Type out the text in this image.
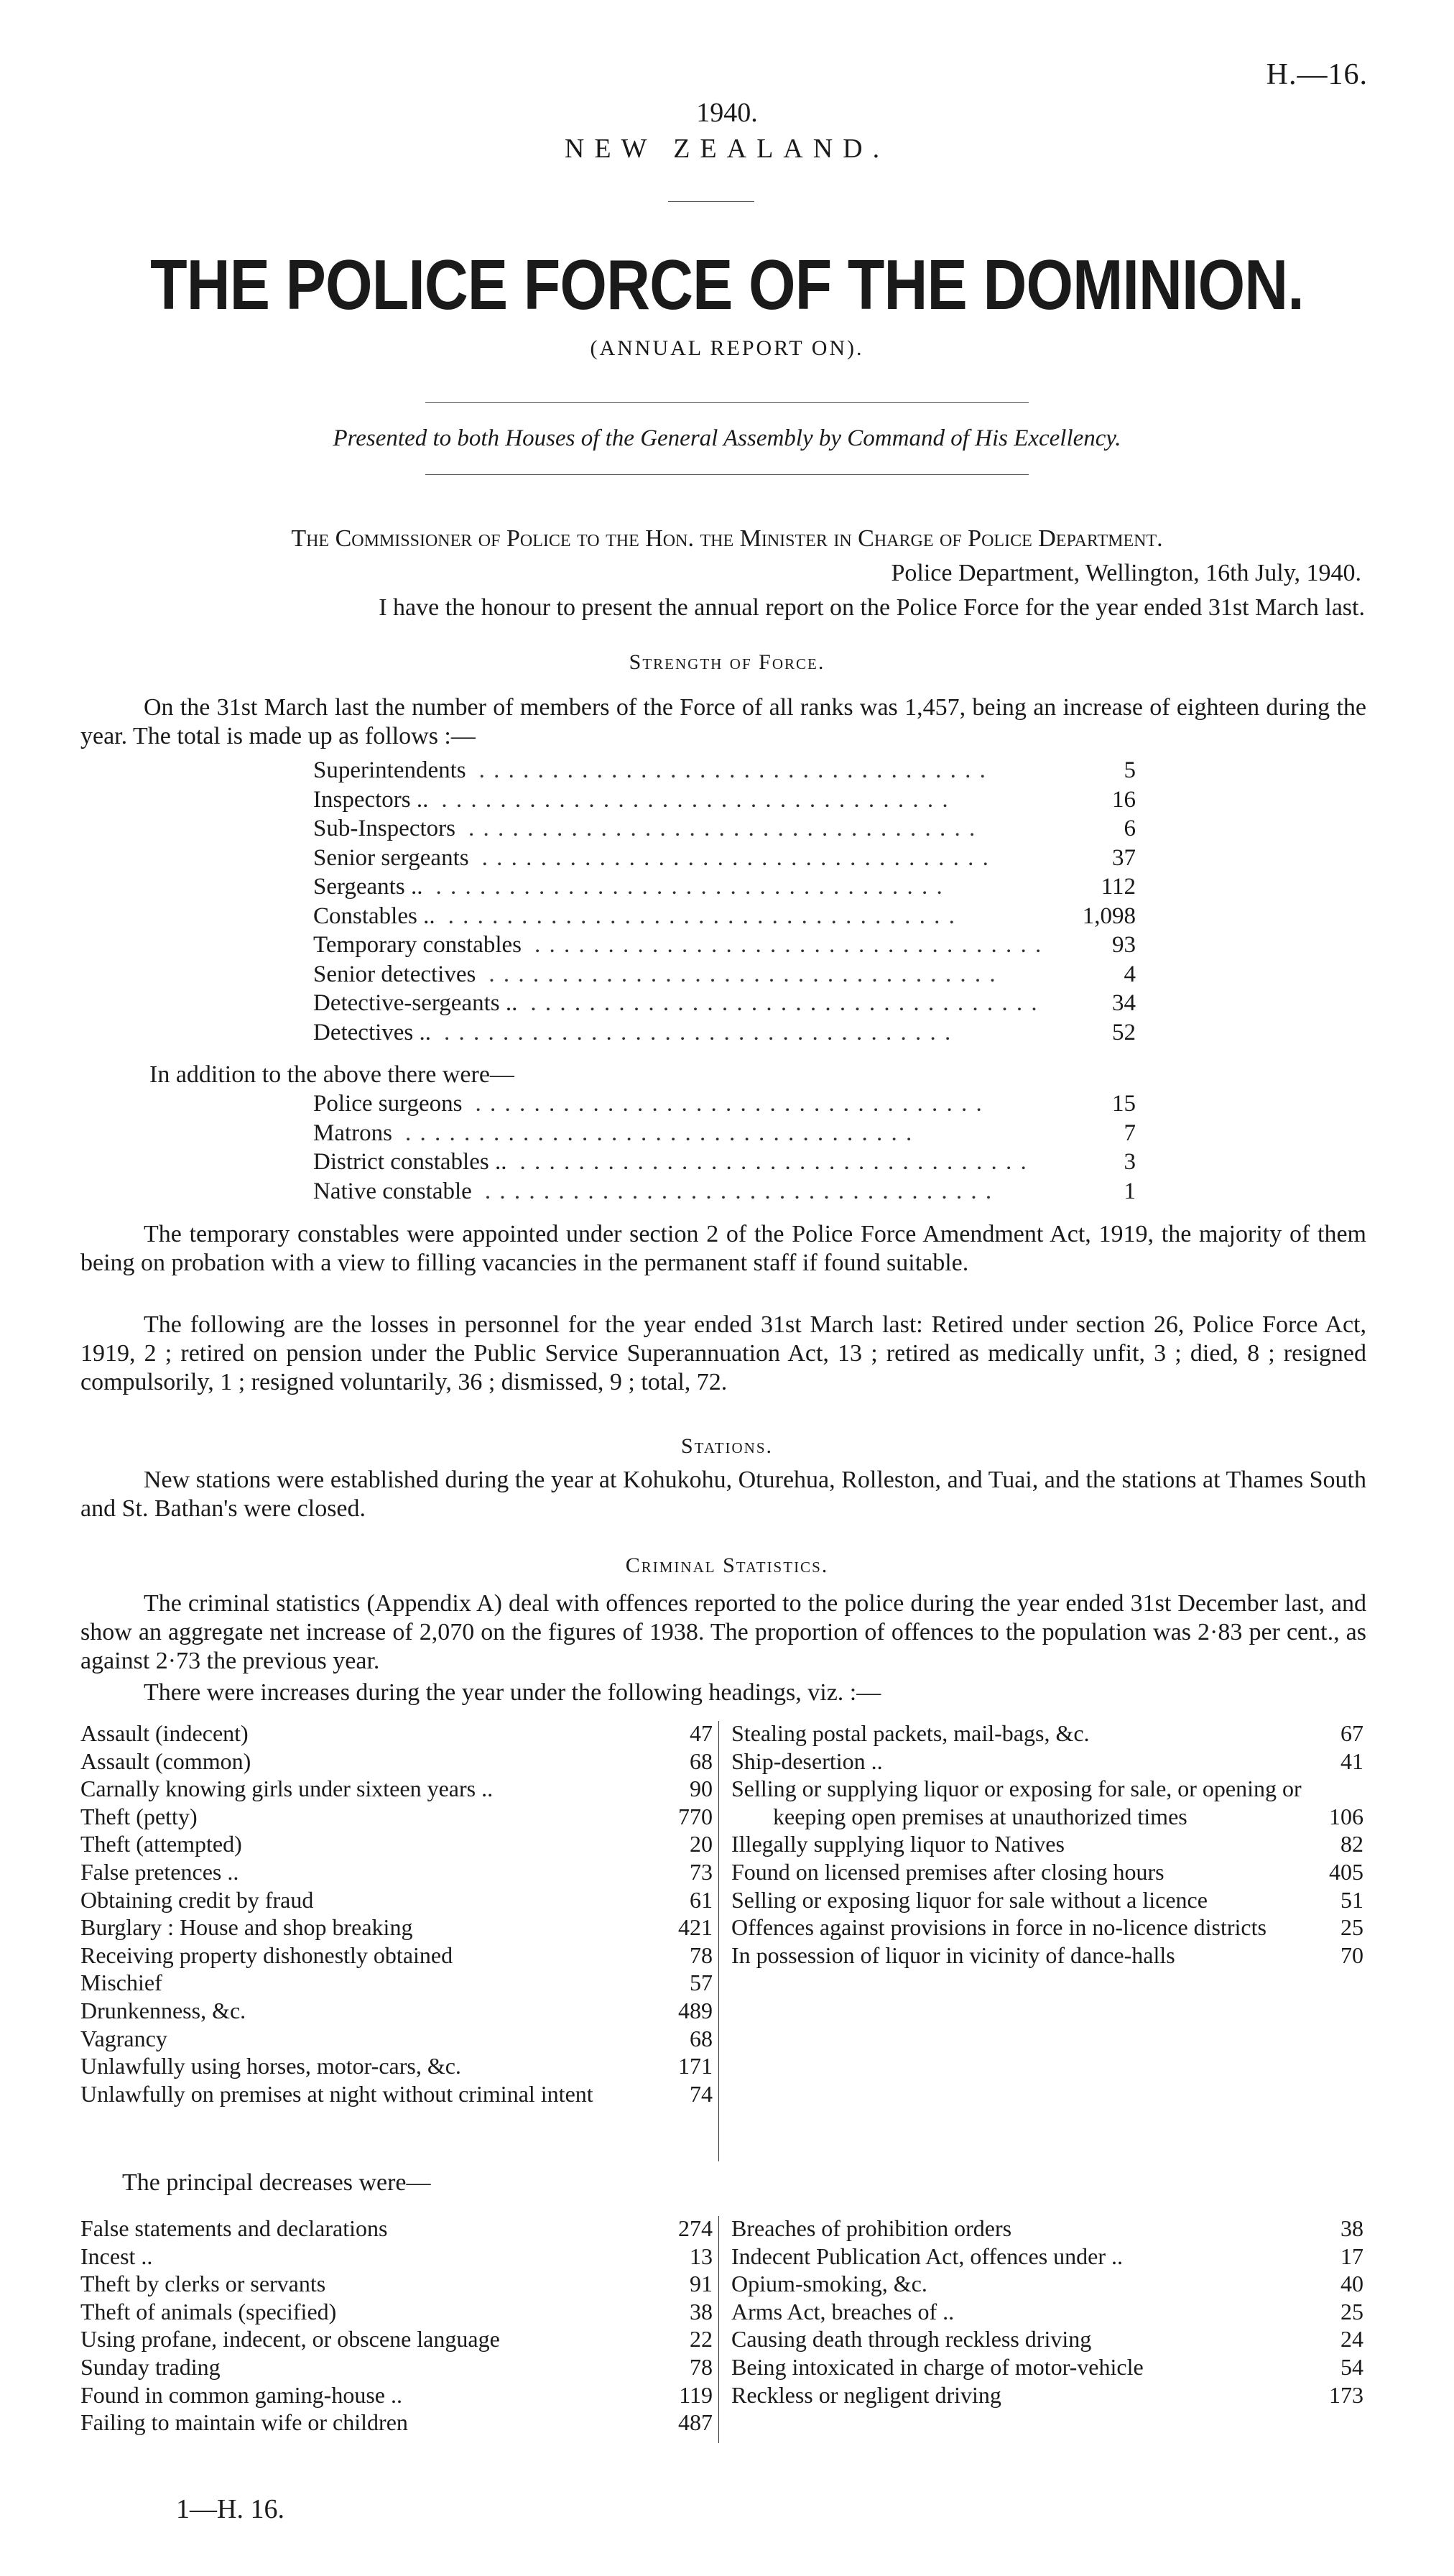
H.—16.
1940.
NEW ZEALAND.
THE POLICE FORCE OF THE DOMINION.
(ANNUAL REPORT ON).
Presented to both Houses of the General Assembly by Command of His Excellency.
The Commissioner of Police to the Hon. the Minister in Charge of Police Department.
Police Department, Wellington, 16th July, 1940.
I have the honour to present the annual report on the Police Force for the year ended 31st March last.
Strength of Force.
On the 31st March last the number of members of the Force of all ranks was 1,457, being an increase of eighteen during the year. The total is made up as follows :—
Superintendents . . . . . . . . . . . . . . . . . . . . . . . . . . . . . . . . . . .	5
Inspectors .. . . . . . . . . . . . . . . . . . . . . . . . . . . . . . . . . . . .	16
Sub-Inspectors . . . . . . . . . . . . . . . . . . . . . . . . . . . . . . . . . . .	6
Senior sergeants . . . . . . . . . . . . . . . . . . . . . . . . . . . . . . . . . . .	37
Sergeants .. . . . . . . . . . . . . . . . . . . . . . . . . . . . . . . . . . . .	112
Constables .. . . . . . . . . . . . . . . . . . . . . . . . . . . . . . . . . . . .	1,098
Temporary constables . . . . . . . . . . . . . . . . . . . . . . . . . . . . . . . . . . .	93
Senior detectives . . . . . . . . . . . . . . . . . . . . . . . . . . . . . . . . . . .	4
Detective-sergeants .. . . . . . . . . . . . . . . . . . . . . . . . . . . . . . . . . . . .	34
Detectives .. . . . . . . . . . . . . . . . . . . . . . . . . . . . . . . . . . . .	52
In addition to the above there were—
Police surgeons . . . . . . . . . . . . . . . . . . . . . . . . . . . . . . . . . . .	15
Matrons . . . . . . . . . . . . . . . . . . . . . . . . . . . . . . . . . . .	7
District constables .. . . . . . . . . . . . . . . . . . . . . . . . . . . . . . . . . . . .	3
Native constable . . . . . . . . . . . . . . . . . . . . . . . . . . . . . . . . . . .	1
The temporary constables were appointed under section 2 of the Police Force Amendment Act, 1919, the majority of them being on probation with a view to filling vacancies in the permanent staff if found suitable.
The following are the losses in personnel for the year ended 31st March last: Retired under section 26, Police Force Act, 1919, 2 ; retired on pension under the Public Service Superannuation Act, 13 ; retired as medically unfit, 3 ; died, 8 ; resigned compulsorily, 1 ; resigned voluntarily, 36 ; dismissed, 9 ; total, 72.
Stations.
New stations were established during the year at Kohukohu, Oturehua, Rolleston, and Tuai, and the stations at Thames South and St. Bathan's were closed.
Criminal Statistics.
The criminal statistics (Appendix A) deal with offences reported to the police during the year ended 31st December last, and show an aggregate net increase of 2,070 on the figures of 1938. The proportion of offences to the population was 2·83 per cent., as against 2·73 the previous year.
There were increases during the year under the following headings, viz. :—
Assault (indecent)	47
Assault (common)	68
Carnally knowing girls under sixteen years ..	90
Theft (petty)	770
Theft (attempted)	20
False pretences ..	73
Obtaining credit by fraud	61
Burglary : House and shop breaking	421
Receiving property dishonestly obtained	78
Mischief	57
Drunkenness, &c.	489
Vagrancy	68
Unlawfully using horses, motor-cars, &c.	171
Unlawfully on premises at night without criminal intent	74
Stealing postal packets, mail-bags, &c.	67
Ship-desertion ..	41
Selling or supplying liquor or exposing for sale, or opening or keeping open premises at unauthorized times	106
Illegally supplying liquor to Natives	82
Found on licensed premises after closing hours	405
Selling or exposing liquor for sale without a licence	51
Offences against provisions in force in no-licence districts	25
In possession of liquor in vicinity of dance-halls	70
The principal decreases were—
False statements and declarations	274
Incest ..	13
Theft by clerks or servants	91
Theft of animals (specified)	38
Using profane, indecent, or obscene language	22
Sunday trading	78
Found in common gaming-house ..	119
Failing to maintain wife or children	487
Breaches of prohibition orders	38
Indecent Publication Act, offences under ..	17
Opium-smoking, &c.	40
Arms Act, breaches of ..	25
Causing death through reckless driving	24
Being intoxicated in charge of motor-vehicle	54
Reckless or negligent driving	173
1—H. 16.
